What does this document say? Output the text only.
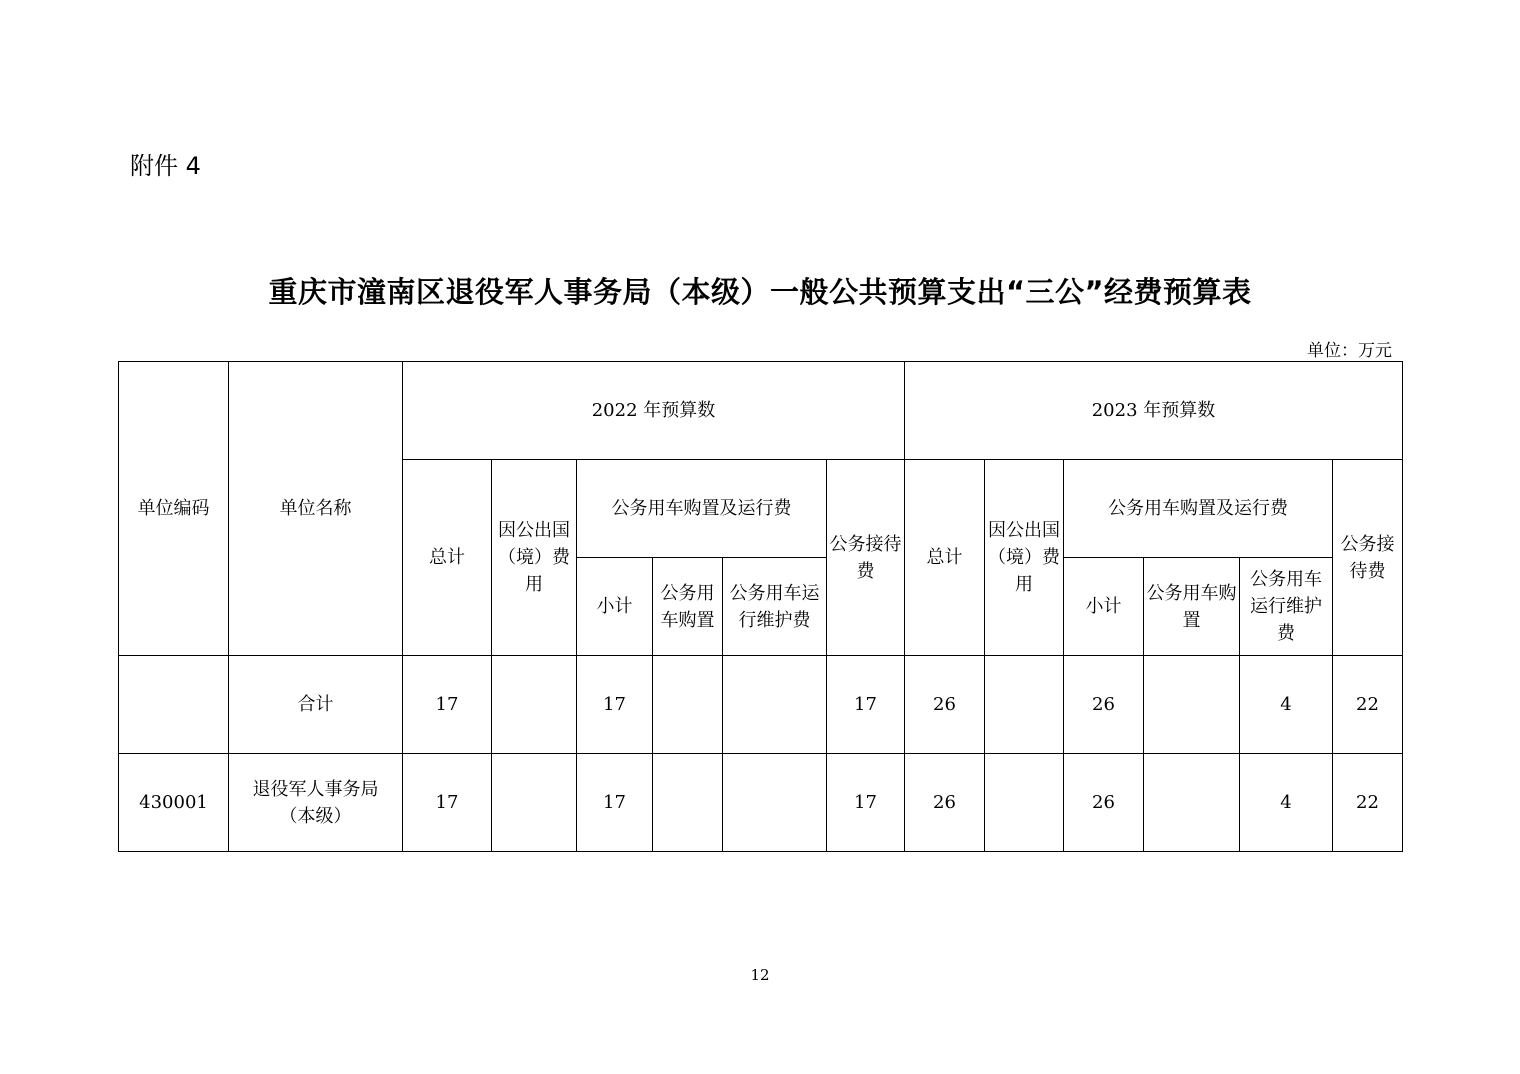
附件 4
重庆市潼南区退役军人事务局（本级）一般公共预算支出“三公”经费预算表
单位：万元
单位编码	单位名称	2022 年预算数						2023 年预算数					
		总计	因公出国（境）费用	公务用车购置及运行费			公务接待费	总计	因公出国（境）费用	公务用车购置及运行费			公务接待费
				小计	公务用车购置	公务用车运行维护费				小计	公务用车购置	公务用车运行维护费	
	合计	17		17			17	26		26		4	22
430001	退役军人事务局（本级）	17		17			17	26		26		4	22
12
